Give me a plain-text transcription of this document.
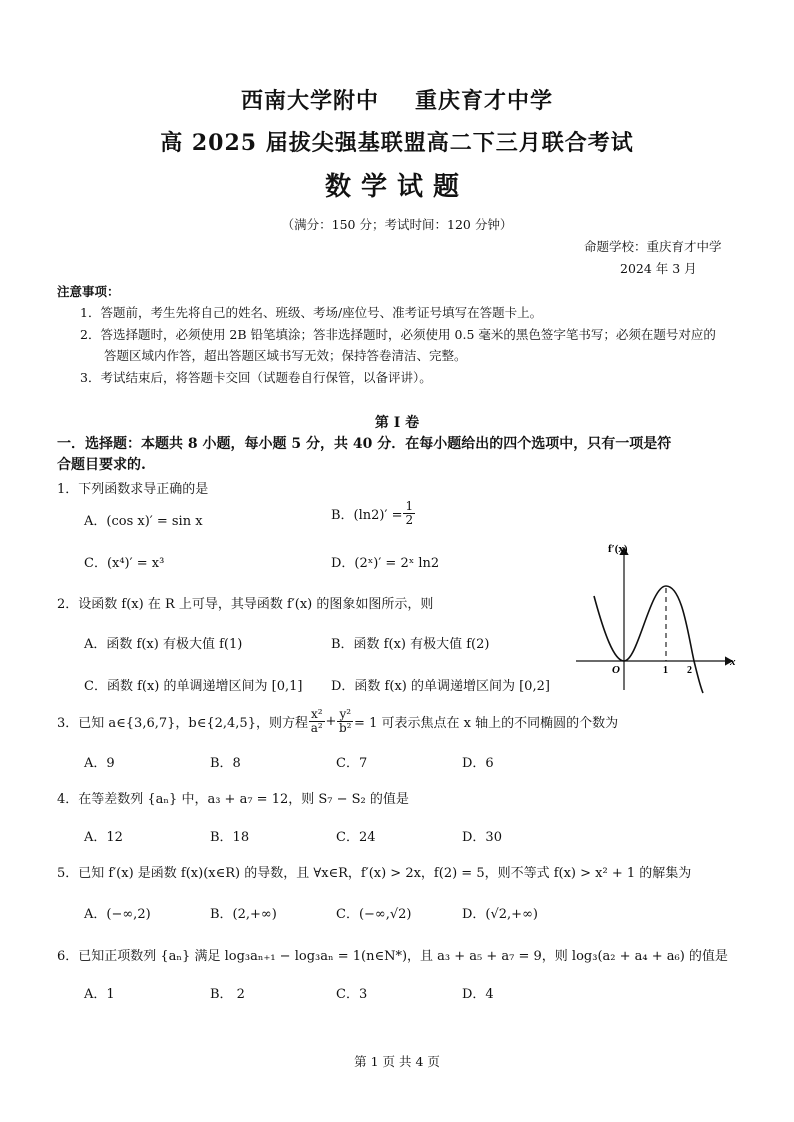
西南大学附中 重庆育才中学
高 2025 届拔尖强基联盟高二下三月联合考试
数学试题
（满分：150 分；考试时间：120 分钟）
命题学校：重庆育才中学
2024 年 3 月
注意事项：
1．答题前，考生先将自己的姓名、班级、考场/座位号、准考证号填写在答题卡上。
2．答选择题时，必须使用 2B 铅笔填涂；答非选择题时，必须使用 0.5 毫米的黑色签字笔书写；必须在题号对应的
答题区域内作答，超出答题区域书写无效；保持答卷清洁、完整。
3．考试结束后，将答题卡交回（试题卷自行保管，以备评讲）。
第 I 卷
一．选择题：本题共 8 小题，每小题 5 分，共 40 分．在每小题给出的四个选项中，只有一项是符
合题目要求的.
1．下列函数求导正确的是
A．(cos x)′ = sin x	B．$(\ln 2)' = \frac{1}{2}$
C．(x⁴)′ = x³	D．(2ˣ)′ = 2ˣ ln2
2．设函数 f(x) 在 R 上可导，其导函数 f′(x) 的图象如图所示，则
A．函数 f(x) 有极大值 f(1)	B．函数 f(x) 有极大值 f(2)
C．函数 f(x) 的单调递增区间为 [0,1] D．函数 f(x) 的单调递增区间为 [0,2]
f′(x)
x
O	1 2
3．已知 a∈{3,6,7}，b∈{2,4,5}，则方程 $\frac{\text{x²}}{\text{a²}} + \frac{\text{y²}}{\text{b²}} = 1$ 可表示焦点在 x 轴上的不同椭圆的个数为
A．9	B．8	C．7	D．6
4．在等差数列 {aₙ} 中，a₃ + a₇ = 12，则 S₇ − S₂ 的值是
A．12	B．18	C．24	D．30
5．已知 f′(x) 是函数 f(x)(x∈R) 的导数，且 ∀x∈R，f′(x) > 2x，f(2) = 5，则不等式 f(x) > x² + 1 的解集为
A．(−∞,2)	B．(2,+∞)	C．(−∞,√2)	D．(√2,+∞)
6．已知正项数列 {aₙ} 满足 log₃aₙ₊₁ − log₃aₙ = 1(n∈N*)，且 a₃ + a₅ + a₇ = 9，则 log₃(a₂ + a₄ + a₆) 的值是
A．1	B． 2	C．3	D．4
第 1 页 共 4 页
